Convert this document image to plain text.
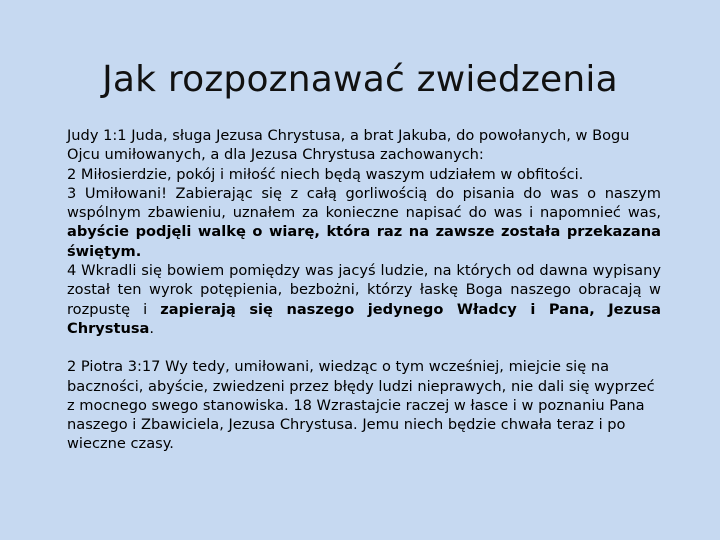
Jak rozpoznawać zwiedzenia

Judy 1:1 Juda, sługa Jezusa Chrystusa, a brat Jakuba, do powołanych, w Bogu Ojcu umiłowanych, a dla Jezusa Chrystusa zachowanych:

2 Miłosierdzie, pokój i miłość niech będą waszym udziałem w obfitości.

3 Umiłowani! Zabierając się z całą gorliwością do pisania do was o naszym wspólnym zbawieniu, uznałem za konieczne napisać do was i napomnieć was, abyście podjęli walkę o wiarę, która raz na zawsze została przekazana świętym.

4 Wkradli się bowiem pomiędzy was jacyś ludzie, na których od dawna wypisany został ten wyrok potępienia, bezbożni, którzy łaskę Boga naszego obracają w rozpustę i zapierają się naszego jedynego Władcy i Pana, Jezusa Chrystusa.

2 Piotra 3:17 Wy tedy, umiłowani, wiedząc o tym wcześniej, miejcie się na baczności, abyście, zwiedzeni przez błędy ludzi nieprawych, nie dali się wyprzeć z mocnego swego stanowiska. 18 Wzrastajcie raczej w łasce i w poznaniu Pana naszego i Zbawiciela, Jezusa Chrystusa. Jemu niech będzie chwała teraz i po wieczne czasy.
